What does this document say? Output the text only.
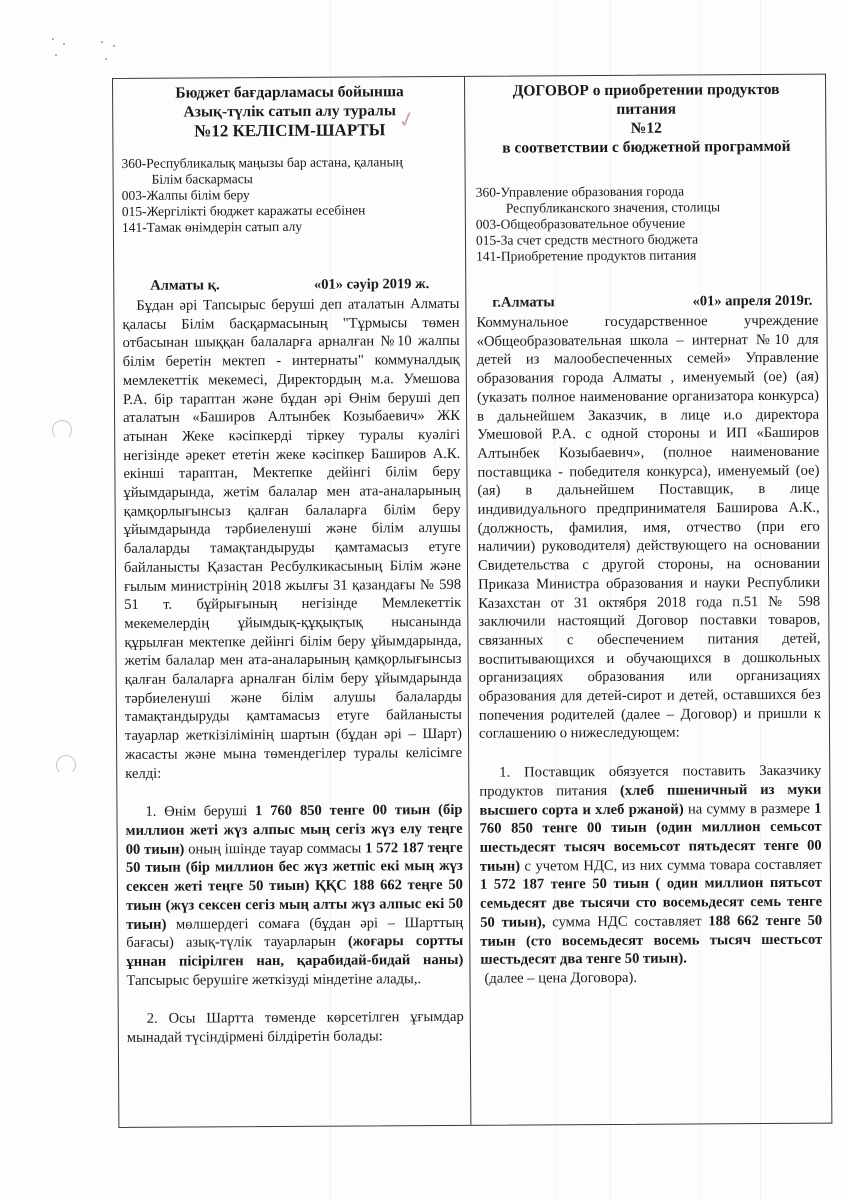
✓
Бюджет бағдарламасы бойынша
Азық-түлік сатып алу туралы
№12 КЕЛІСІМ-ШАРТЫ
360-Республикалық маңызы бар астана, қаланың
Білім баскармасы
003-Жалпы білім беру
015-Жергілікті бюджет каражаты есебінен
141-Тамак өнімдерін сатып алу
Алматы қ.	«01» сәуір 2019 ж.

Бұдан әрі Тапсырыс беруші деп аталатын Алматы қаласы Білім басқармасының "Тұрмысы төмен отбасынан шыққан балаларға арналған №10 жалпы білім беретін мектеп - интернаты" коммуналдық мемлекеттік мекемесі, Директордың м.а. Умешова Р.А. бір тараптан және бұдан әрі Өнім беруші деп аталатын «Баширов Алтынбек Козыбаевич» ЖК атынан Жеке кәсіпкерді тіркеу туралы куәлігі негізінде әрекет ететін жеке кәсіпкер Баширов А.К. екінші тараптан, Мектепке дейінгі білім беру ұйымдарында, жетім балалар мен ата-аналарының қамқорлығынсыз қалған балаларға білім беру ұйымдарында тәрбиеленуші және білім алушы балаларды тамақтандыруды қамтамасыз етуге байланысты Қазастан Ресбулкикасының Білім және ғылым министрінің 2018 жылғы 31 қазандағы № 598 51 т. бұйрығының негізінде Мемлекеттік мекемелердің ұйымдық-құқықтық нысанында құрылған мектепке дейінгі білім беру ұйымдарында, жетім балалар мен ата-аналарының қамқорлығынсыз қалған балаларға арналған білім беру ұйымдарында тәрбиеленуші және білім алушы балаларды тамақтандыруды қамтамасыз етуге байланысты тауарлар жеткізілімінің шартын (бұдан әрі – Шарт) жасасты және мына төмендегілер туралы келісімге келді:

1. Өнім беруші 1 760 850 тенге 00 тиын (бір миллион жеті жүз алпыс мың сегіз жүз елу теңге 00 тиын) оның ішінде тауар соммасы 1 572 187 теңге 50 тиын (бір миллион бес жүз жетпіс екі мың жүз сексен жеті теңге 50 тиын) ҚҚС 188 662 теңге 50 тиын (жүз сексен сегіз мың алты жүз алпыс екі 50 тиын) мөлшердегі сомаға (бұдан әрі – Шарттың бағасы) азық-түлік тауарларын (жоғары сортты ұннан пісірілген нан, қарабидай-бидай наны) Тапсырыс берушіге жеткізуді міндетіне алады,.

2. Осы Шартта төменде көрсетілген ұғымдар мынадай түсіндірмені білдіретін болады:

ДОГОВОР о приобретении продуктов
питания
№12
в соответствии с бюджетной программой
360-Управление образования города
Республиканского значения, столицы
003-Общеобразовательное обучение
015-За счет средств местного бюджета
141-Приобретение продуктов питания
г.Алматы	«01» апреля 2019г.

Коммунальное государственное учреждение «Общеобразовательная школа – интернат №10 для детей из малообеспеченных семей» Управление образования города Алматы , именуемый (ое) (ая) (указать полное наименование организатора конкурса) в дальнейшем Заказчик, в лице и.о директора Умешовой Р.А. с одной стороны и ИП «Баширов Алтынбек Козыбаевич», (полное наименование поставщика - победителя конкурса), именуемый (ое) (ая) в дальнейшем Поставщик, в лице индивидуального предпринимателя Баширова А.К., (должность, фамилия, имя, отчество (при его наличии) руководителя) действующего на основании Свидетельства с другой стороны, на основании Приказа Министра образования и науки Республики Казахстан от 31 октября 2018 года п.51 № 598 заключили настоящий Договор поставки товаров, связанных с обеспечением питания детей, воспитывающихся и обучающихся в дошкольных организациях образования или организациях образования для детей-сирот и детей, оставшихся без попечения родителей (далее – Договор) и пришли к соглашению о нижеследующем:

1. Поставщик обязуется поставить Заказчику продуктов питания (хлеб пшеничный из муки высшего сорта и хлеб ржаной) на сумму в размере 1 760 850 тенге 00 тиын (один миллион семьсот шестьдесят тысяч восемьсот пятьдесят тенге 00 тиын) с учетом НДС, из них сумма товара составляет 1 572 187 тенге 50 тиын ( один миллион пятьсот семьдесят две тысячи сто восемьдесят семь тенге 50 тиын), сумма НДС составляет 188 662 тенге 50 тиын (сто восемьдесят восемь тысяч шестьсот шестьдесят два тенге 50 тиын).

(далее – цена Договора).
